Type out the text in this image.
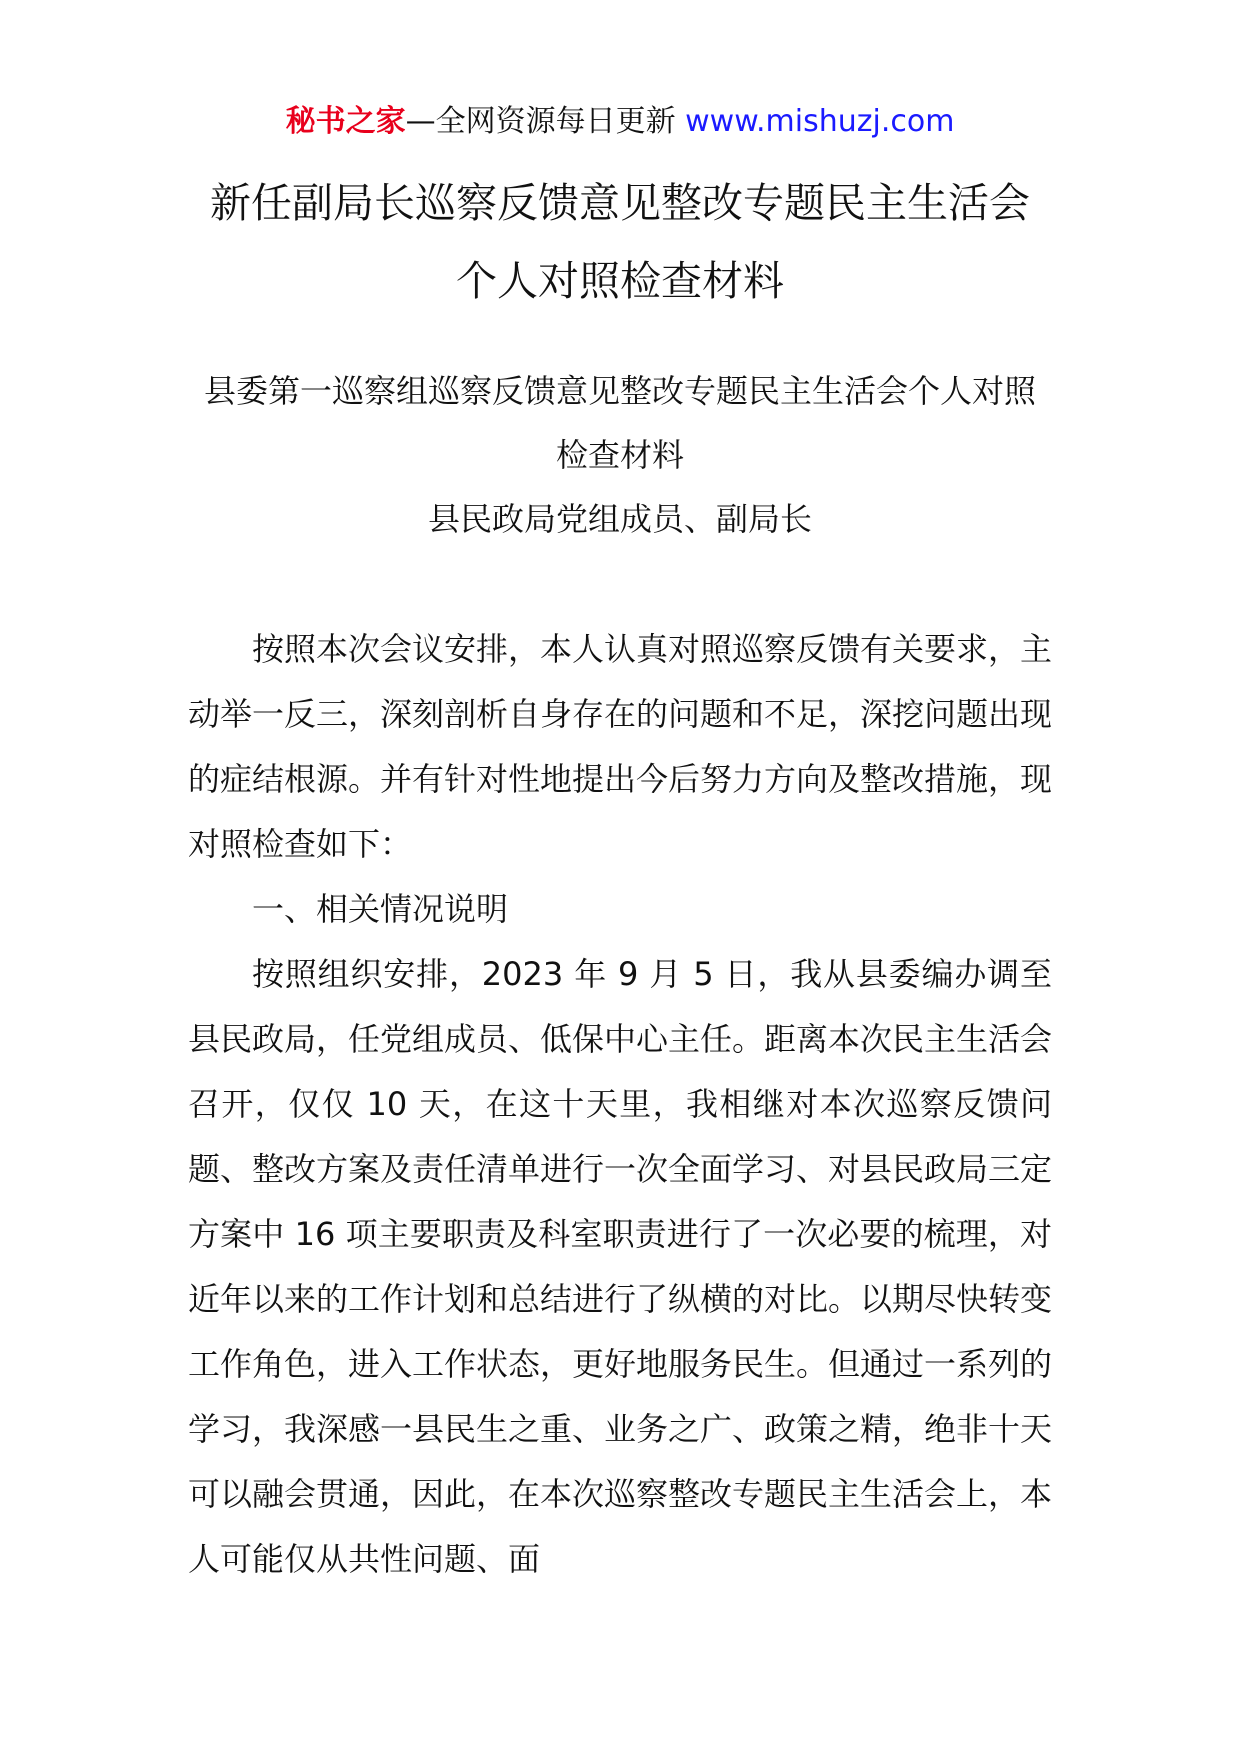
秘书之家—全网资源每日更新 www.mishuzj.com
新任副局长巡察反馈意见整改专题民主生活会
个人对照检查材料
县委第一巡察组巡察反馈意见整改专题民主生活会个人对照检查材料
县民政局党组成员、副局长

按照本次会议安排，本人认真对照巡察反馈有关要求，主动举一反三，深刻剖析自身存在的问题和不足，深挖问题出现的症结根源。并有针对性地提出今后努力方向及整改措施，现对照检查如下：

一、相关情况说明

按照组织安排，2023 年 9 月 5 日，我从县委编办调至县民政局，任党组成员、低保中心主任。距离本次民主生活会召开，仅仅 10 天，在这十天里，我相继对本次巡察反馈问题、整改方案及责任清单进行一次全面学习、对县民政局三定方案中 16 项主要职责及科室职责进行了一次必要的梳理，对近年以来的工作计划和总结进行了纵横的对比。以期尽快转变工作角色，进入工作状态，更好地服务民生。但通过一系列的学习，我深感一县民生之重、业务之广、政策之精，绝非十天可以融会贯通，因此，在本次巡察整改专题民主生活会上，本人可能仅从共性问题、面
